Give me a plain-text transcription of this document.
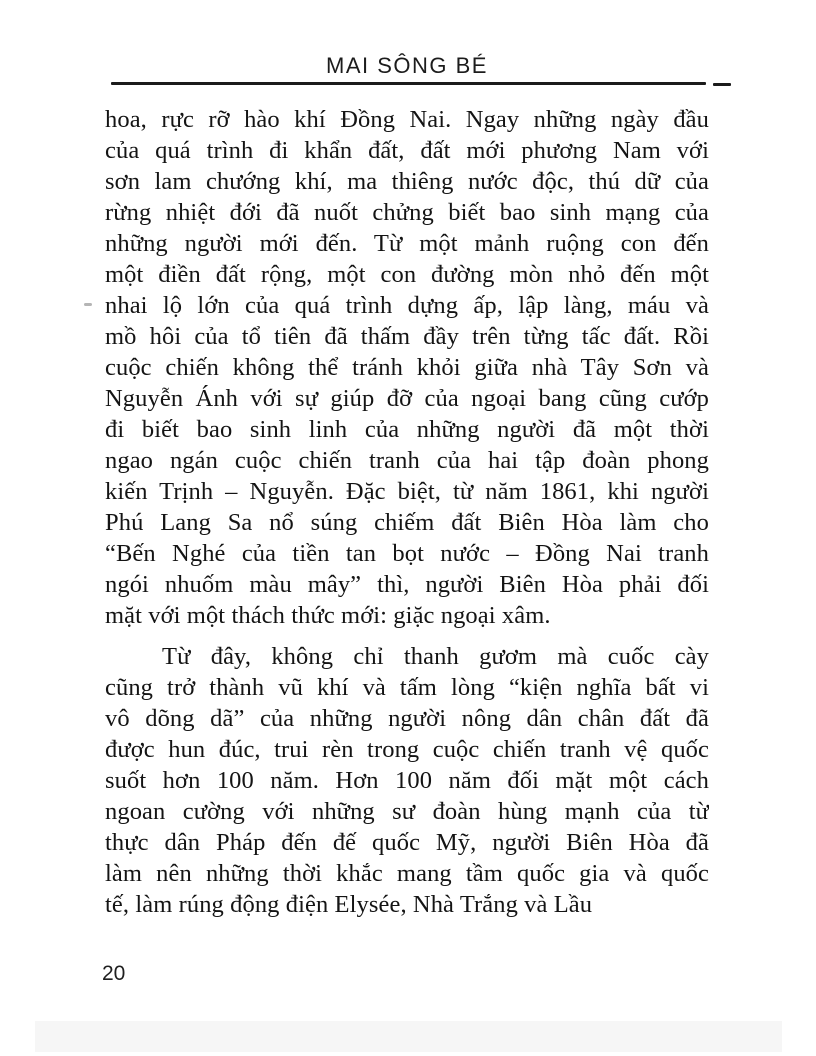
MAI SÔNG BÉ
hoa, rực rỡ hào khí Đồng Nai. Ngay những ngày đầu
của quá trình đi khẩn đất, đất mới phương Nam với
sơn lam chướng khí, ma thiêng nước độc, thú dữ của
rừng nhiệt đới đã nuốt chửng biết bao sinh mạng của
những người mới đến. Từ một mảnh ruộng con đến
một điền đất rộng, một con đường mòn nhỏ đến một
nhai lộ lớn của quá trình dựng ấp, lập làng, máu và
mồ hôi của tổ tiên đã thấm đầy trên từng tấc đất. Rồi
cuộc chiến không thể tránh khỏi giữa nhà Tây Sơn và
Nguyễn Ánh với sự giúp đỡ của ngoại bang cũng cướp
đi biết bao sinh linh của những người đã một thời
ngao ngán cuộc chiến tranh của hai tập đoàn phong
kiến Trịnh – Nguyễn. Đặc biệt, từ năm 1861, khi người
Phú Lang Sa nổ súng chiếm đất Biên Hòa làm cho
“Bến Nghé của tiền tan bọt nước – Đồng Nai tranh
ngói nhuốm màu mây” thì, người Biên Hòa phải đối
mặt với một thách thức mới: giặc ngoại xâm.
Từ đây, không chỉ thanh gươm mà cuốc cày
cũng trở thành vũ khí và tấm lòng “kiện nghĩa bất vi
vô dõng dã” của những người nông dân chân đất đã
được hun đúc, trui rèn trong cuộc chiến tranh vệ quốc
suốt hơn 100 năm. Hơn 100 năm đối mặt một cách
ngoan cường với những sư đoàn hùng mạnh của từ
thực dân Pháp đến đế quốc Mỹ, người Biên Hòa đã
làm nên những thời khắc mang tầm quốc gia và quốc
tế, làm rúng động điện Elysée, Nhà Trắng và Lầu
20
